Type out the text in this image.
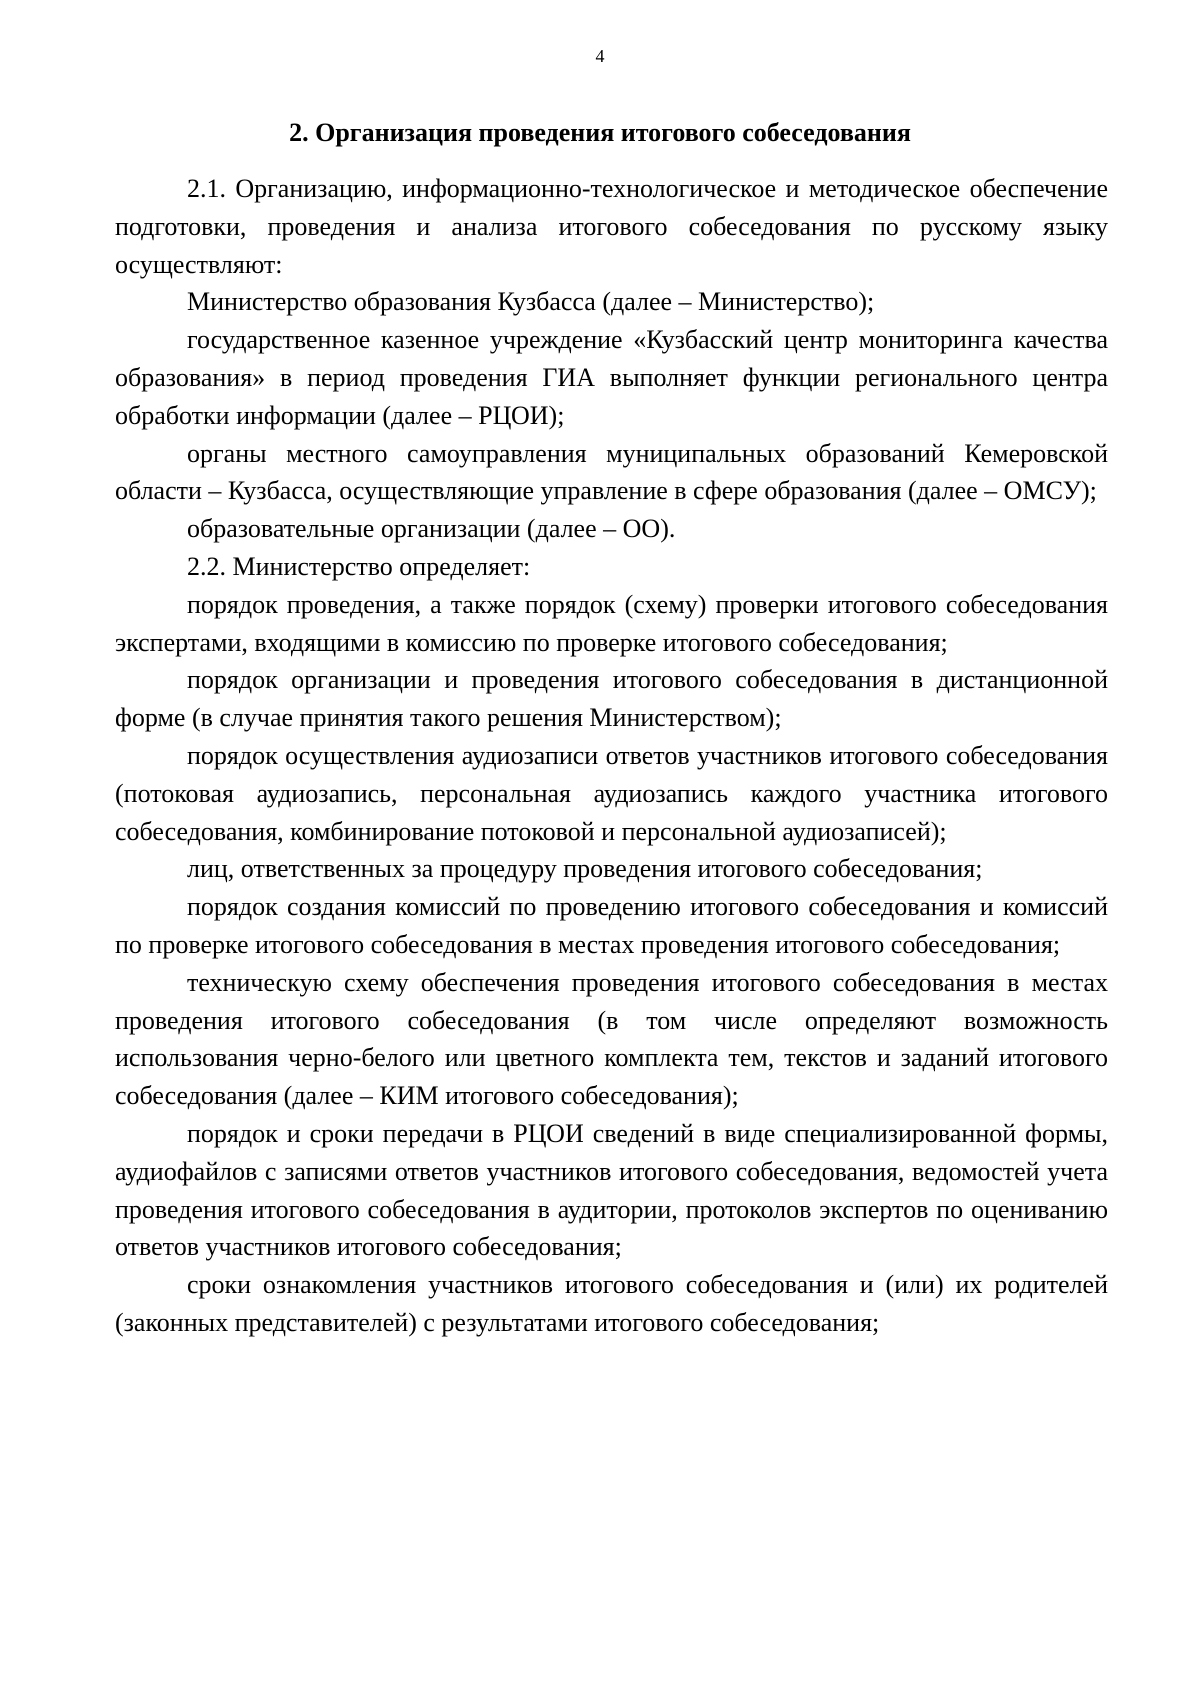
4
2. Организация проведения итогового собеседования

2.1. Организацию, информационно-технологическое и методическое обеспечение подготовки, проведения и анализа итогового собеседования по русскому языку осуществляют:

Министерство образования Кузбасса (далее – Министерство);

государственное казенное учреждение «Кузбасский центр мониторинга качества образования» в период проведения ГИА выполняет функции регионального центра обработки информации (далее – РЦОИ);

органы местного самоуправления муниципальных образований Кемеровской области – Кузбасса, осуществляющие управление в сфере образования (далее – ОМСУ);

образовательные организации (далее – ОО).

2.2. Министерство определяет:

порядок проведения, а также порядок (схему) проверки итогового собеседования экспертами, входящими в комиссию по проверке итогового собеседования;

порядок организации и проведения итогового собеседования в дистанционной форме (в случае принятия такого решения Министерством);

порядок осуществления аудиозаписи ответов участников итогового собеседования (потоковая аудиозапись, персональная аудиозапись каждого участника итогового собеседования, комбинирование потоковой и персональной аудиозаписей);

лиц, ответственных за процедуру проведения итогового собеседования;

порядок создания комиссий по проведению итогового собеседования и комиссий по проверке итогового собеседования в местах проведения итогового собеседования;

техническую схему обеспечения проведения итогового собеседования в местах проведения итогового собеседования (в том числе определяют возможность использования черно-белого или цветного комплекта тем, текстов и заданий итогового собеседования (далее – КИМ итогового собеседования);

порядок и сроки передачи в РЦОИ сведений в виде специализированной формы, аудиофайлов с записями ответов участников итогового собеседования, ведомостей учета проведения итогового собеседования в аудитории, протоколов экспертов по оцениванию ответов участников итогового собеседования;

сроки ознакомления участников итогового собеседования и (или) их родителей (законных представителей) с результатами итогового собеседования;
